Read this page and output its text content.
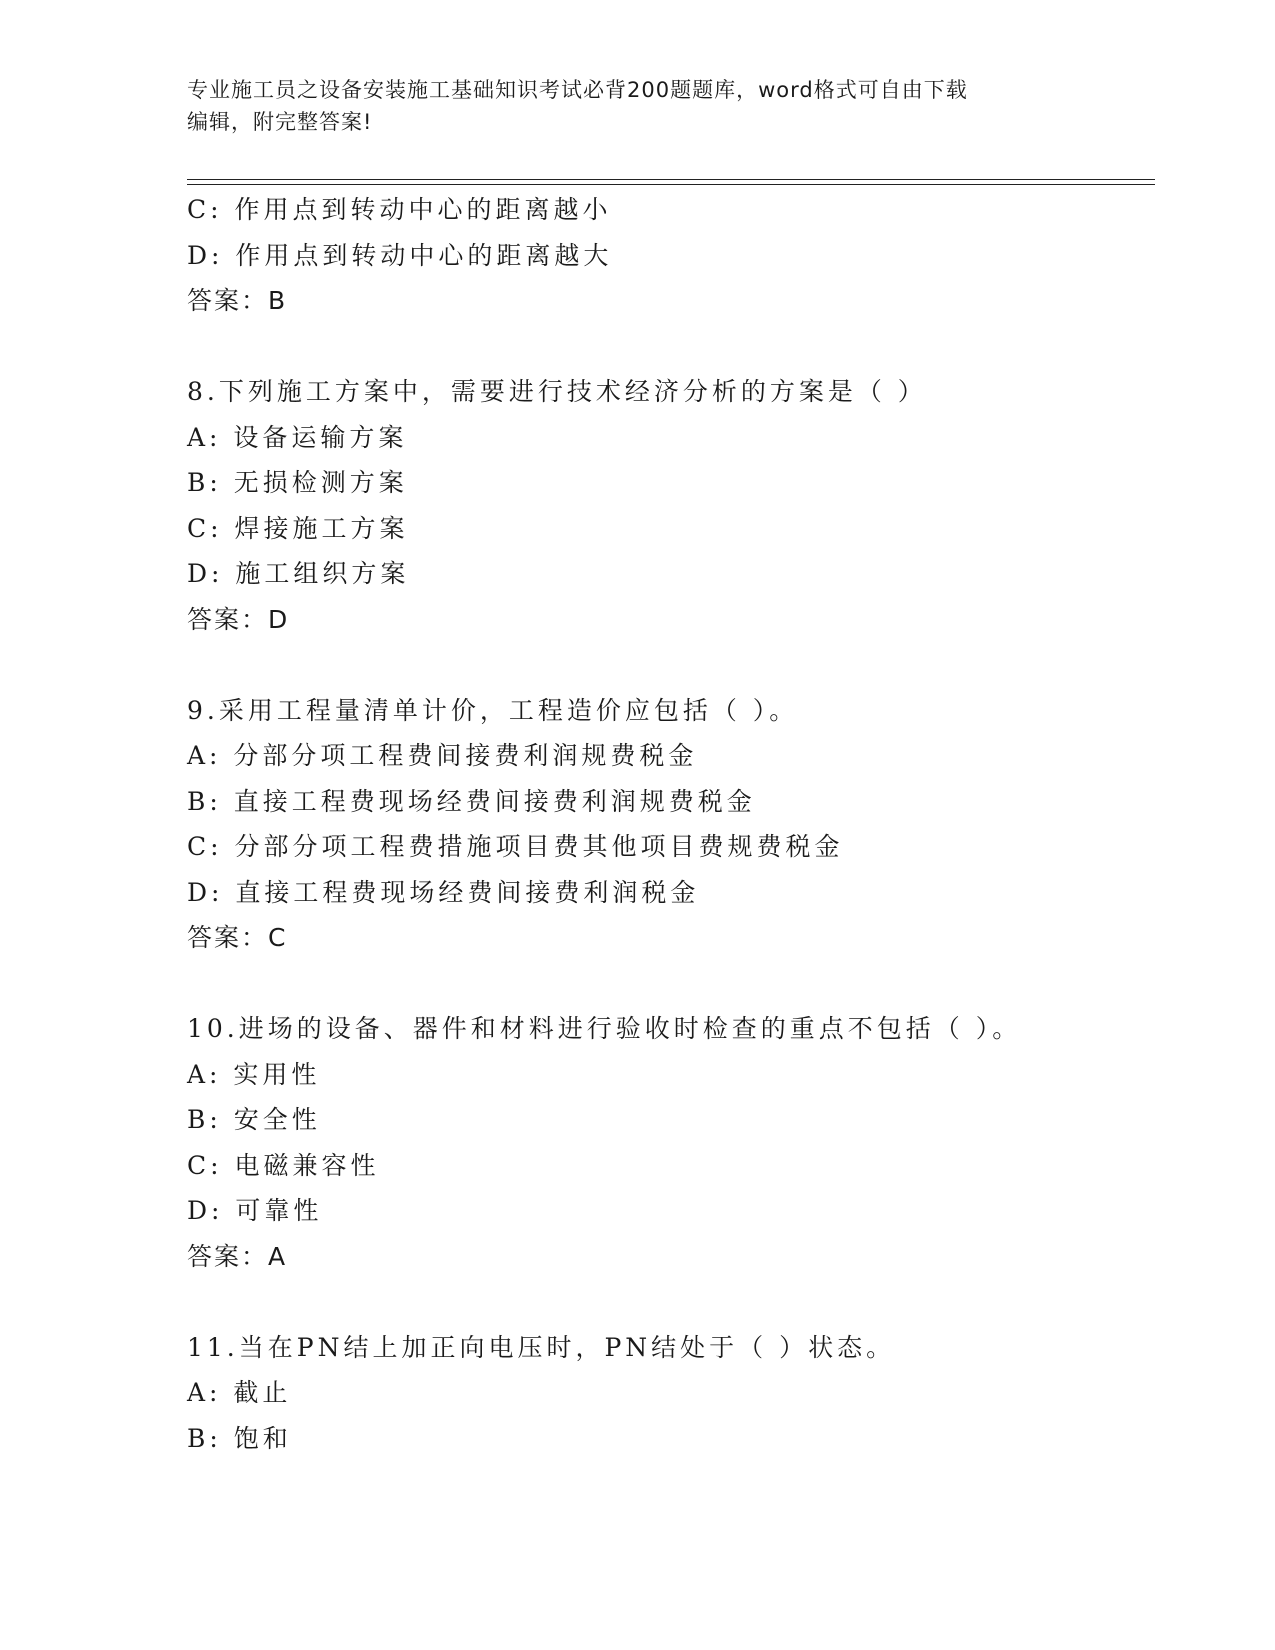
专业施工员之设备安装施工基础知识考试必背200题题库，word格式可自由下载
编辑，附完整答案!
C: 作用点到转动中心的距离越小
D: 作用点到转动中心的距离越大
答案：B
8.下列施工方案中，需要进行技术经济分析的方案是（ ）
A: 设备运输方案
B: 无损检测方案
C: 焊接施工方案
D: 施工组织方案
答案：D
9.采用工程量清单计价，工程造价应包括（ ）。
A: 分部分项工程费间接费利润规费税金
B: 直接工程费现场经费间接费利润规费税金
C: 分部分项工程费措施项目费其他项目费规费税金
D: 直接工程费现场经费间接费利润税金
答案：C
10.进场的设备、器件和材料进行验收时检查的重点不包括（ ）。
A: 实用性
B: 安全性
C: 电磁兼容性
D: 可靠性
答案：A
11.当在PN结上加正向电压时，PN结处于（ ）状态。
A: 截止
B: 饱和
